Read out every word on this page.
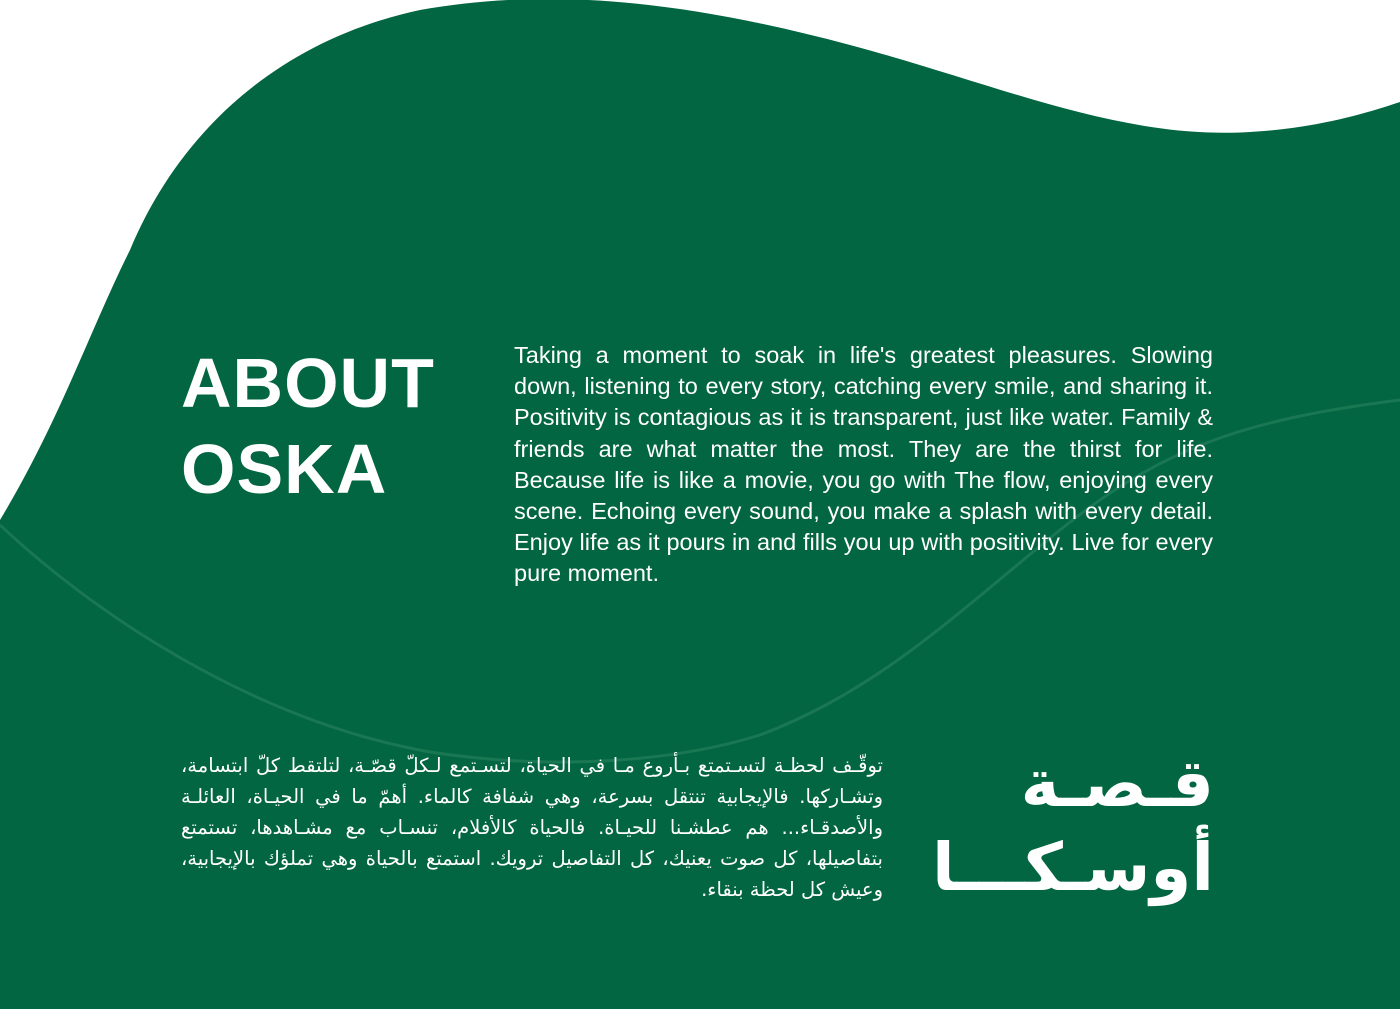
ABOUT
OSKA

Taking a moment to soak in life's greatest pleasures. Slowing down, listening to every story, catching every smile, and sharing it. Positivity is contagious as it is transparent, just like water. Family & friends are what matter the most. They are the thirst for life. Because life is like a movie, you go with The flow, enjoying every scene. Echoing every sound, you make a splash with every detail. Enjoy life as it pours in and fills you up with positivity. Live for every pure moment.

توقّـف لحظـة لتسـتمتع بـأروع مـا في الحياة، لتسـتمع لـكلّ قصّـة، لتلتقط كلّ ابتسامة، وتشـاركها. فالإيجابية تنتقل بسرعة، وهي شفافة كالماء. أهمّ ما في الحيـاة، العائلـة والأصدقـاء... هم عطشـنا للحيـاة. فالحياة كالأفلام، تنسـاب مع مشـاهدها، تستمتع بتفاصيلها، كل صوت يعنيك، كل التفاصيل ترويك. استمتع بالحياة وهي تملؤك بالإيجابية، وعيش كل لحظة بنقاء.

قـصـة
أوسـكـــا
